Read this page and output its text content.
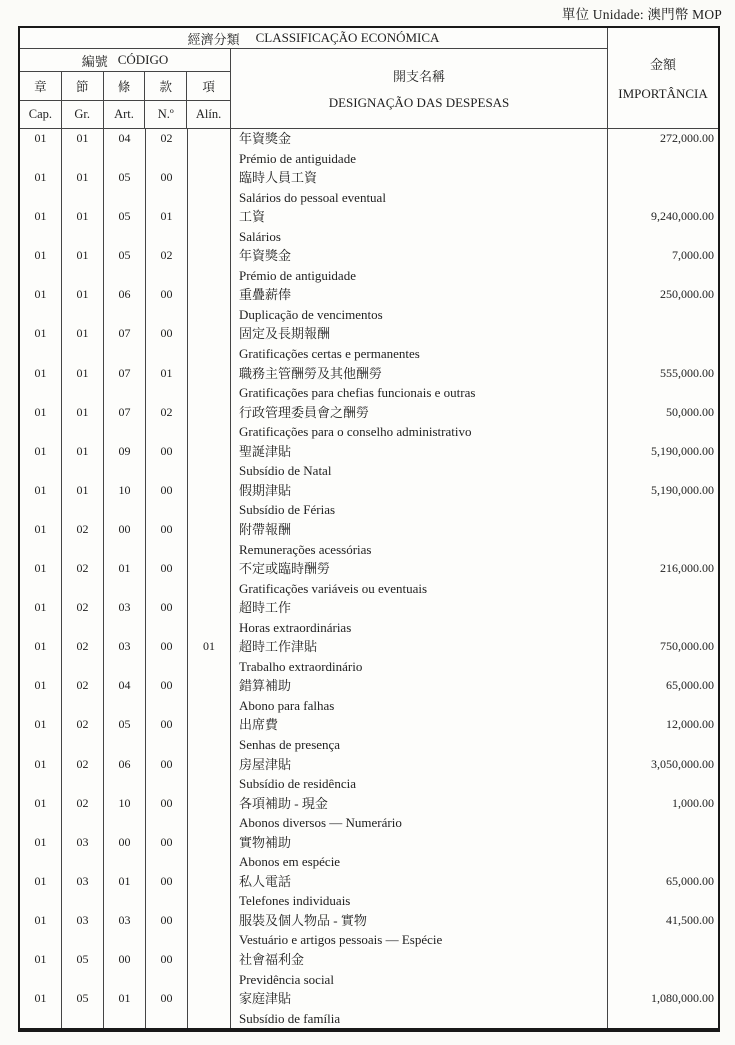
單位 Unidade: 澳門幣 MOP
經濟分類 CLASSIFICAÇÃO ECONÓMICA
編號 CÓDIGO
章	節	條	款	項
Cap.	Gr.	Art.	N.º	Alín.
開支名稱
DESIGNAÇÃO DAS DESPESAS
金額
IMPORTÂNCIA
01	01	04	02	年資獎金
Prémio de antiguidade
272,000.00
01	01	05	00	臨時人員工資
Salários do pessoal eventual
01	01	05	01	工資
Salários
9,240,000.00
01	01	05	02	年資獎金
Prémio de antiguidade
7,000.00
01	01	06	00	重疊薪俸
Duplicação de vencimentos
250,000.00
01	01	07	00	固定及長期報酬
Gratificações certas e permanentes
01	01	07	01	職務主管酬勞及其他酬勞
Gratificações para chefias funcionais e outras
555,000.00
01	01	07	02	行政管理委員會之酬勞
Gratificações para o conselho administrativo
50,000.00
01	01	09	00	聖誕津貼
Subsídio de Natal
5,190,000.00
01	01	10	00	假期津貼
Subsídio de Férias
5,190,000.00
01	02	00	00	附帶報酬
Remunerações acessórias
01	02	01	00	不定或臨時酬勞
Gratificações variáveis ou eventuais
216,000.00
01	02	03	00	超時工作
Horas extraordinárias
01	02	03	00	01	超時工作津貼
Trabalho extraordinário
750,000.00
01	02	04	00	錯算補助
Abono para falhas
65,000.00
01	02	05	00	出席費
Senhas de presença
12,000.00
01	02	06	00	房屋津貼
Subsídio de residência
3,050,000.00
01	02	10	00	各項補助 - 現金
Abonos diversos — Numerário
1,000.00
01	03	00	00	實物補助
Abonos em espécie
01	03	01	00	私人電話
Telefones individuais
65,000.00
01	03	03	00	服裝及個人物品 - 實物
Vestuário e artigos pessoais — Espécie
41,500.00
01	05	00	00	社會福利金
Previdência social
01	05	01	00	家庭津貼
Subsídio de família
1,080,000.00
